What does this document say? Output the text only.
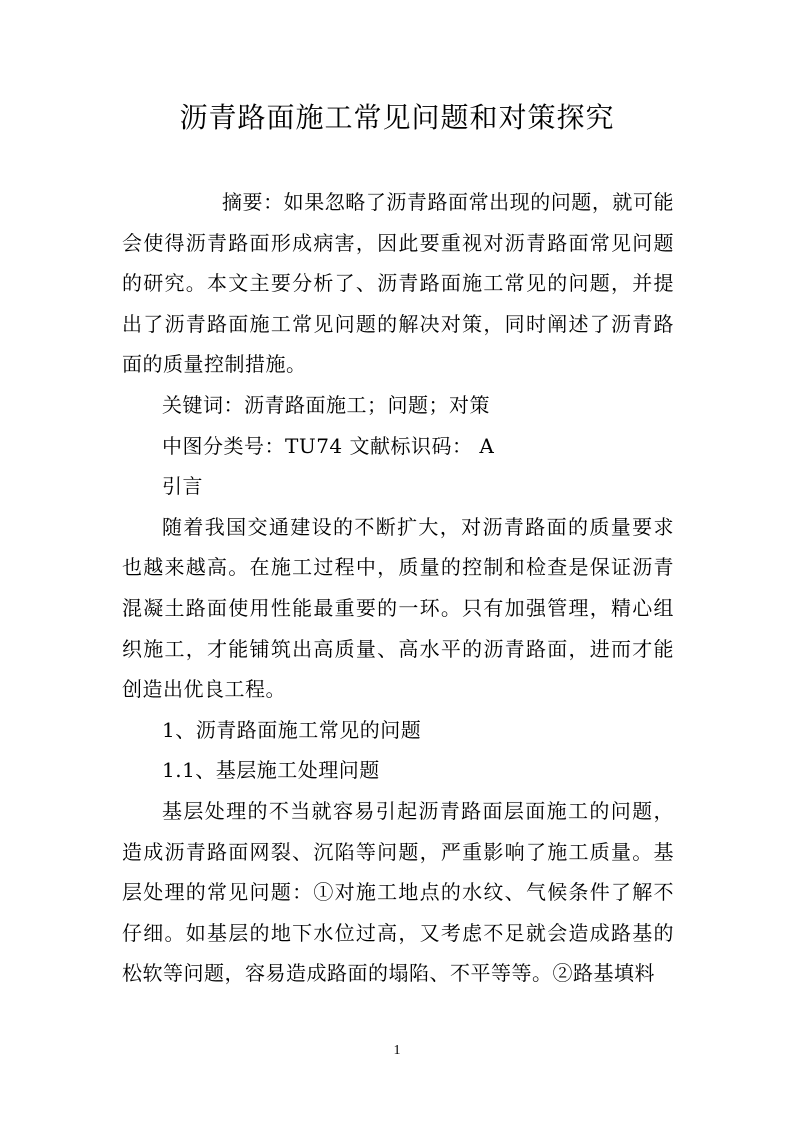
沥青路面施工常见问题和对策探究

摘要：如果忽略了沥青路面常出现的问题，就可能会使得沥青路面形成病害，因此要重视对沥青路面常见问题的研究。本文主要分析了、沥青路面施工常见的问题，并提出了沥青路面施工常见问题的解决对策，同时阐述了沥青路面的质量控制措施。

关键词：沥青路面施工；问题；对策

中图分类号：TU74 文献标识码： A

引言

随着我国交通建设的不断扩大，对沥青路面的质量要求也越来越高。在施工过程中，质量的控制和检查是保证沥青混凝土路面使用性能最重要的一环。只有加强管理，精心组织施工，才能铺筑出高质量、高水平的沥青路面，进而才能创造出优良工程。

1、沥青路面施工常见的问题

1.1、基层施工处理问题

基层处理的不当就容易引起沥青路面层面施工的问题，造成沥青路面网裂、沉陷等问题，严重影响了施工质量。基层处理的常见问题：①对施工地点的水纹、气候条件了解不仔细。如基层的地下水位过高，又考虑不足就会造成路基的松软等问题，容易造成路面的塌陷、不平等等。②路基填料

1
